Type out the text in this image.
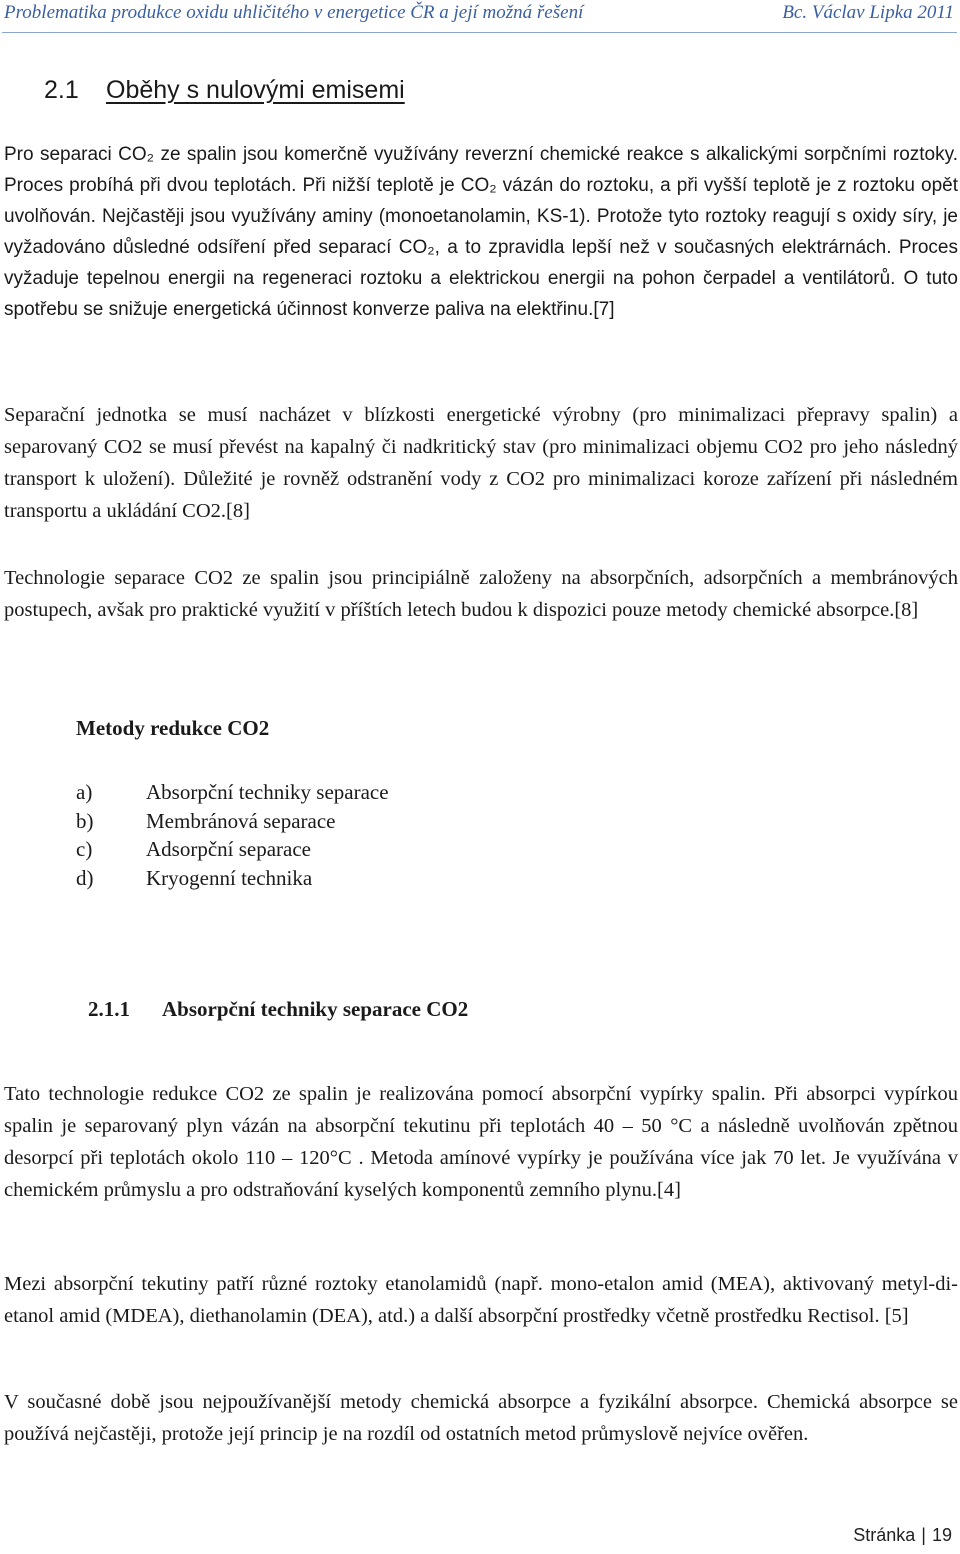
Problematika produkce oxidu uhličitého v energetice ČR a její možná řešení	Bc. Václav Lipka 2011
2.1 Oběhy s nulovými emisemi

Pro separaci CO₂ ze spalin jsou komerčně využívány reverzní chemické reakce s alkalickými sorpčními roztoky. Proces probíhá při dvou teplotách. Při nižší teplotě je CO₂ vázán do roztoku, a při vyšší teplotě je z roztoku opět uvolňován. Nejčastěji jsou využívány aminy (monoetanolamin, KS-1). Protože tyto roztoky reagují s oxidy síry, je vyžadováno důsledné odsíření před separací CO₂, a to zpravidla lepší než v současných elektrárnách. Proces vyžaduje tepelnou energii na regeneraci roztoku a elektrickou energii na pohon čerpadel a ventilátorů. O tuto spotřebu se snižuje energetická účinnost konverze paliva na elektřinu.[7]

Separační jednotka se musí nacházet v blízkosti energetické výrobny (pro minimalizaci přepravy spalin) a separovaný CO2 se musí převést na kapalný či nadkritický stav (pro minimalizaci objemu CO2 pro jeho následný transport k uložení). Důležité je rovněž odstranění vody z CO2 pro minimalizaci koroze zařízení při následném transportu a ukládání CO2.[8]

Technologie separace CO2 ze spalin jsou principiálně založeny na absorpčních, adsorpčních a membránových postupech, avšak pro praktické využití v příštích letech budou k dispozici pouze metody chemické absorpce.[8]

Metody redukce CO2
a)	Absorpční techniky separace
b)	Membránová separace
c)	Adsorpční separace
d)	Kryogenní technika
2.1.1 Absorpční techniky separace CO2

Tato technologie redukce CO2 ze spalin je realizována pomocí absorpční vypírky spalin. Při absorpci vypírkou spalin je separovaný plyn vázán na absorpční tekutinu při teplotách 40 – 50 °C a následně uvolňován zpětnou desorpcí při teplotách okolo 110 – 120°C . Metoda amínové vypírky je používána více jak 70 let. Je využívána v chemickém průmyslu a pro odstraňování kyselých komponentů zemního plynu.[4]

Mezi absorpční tekutiny patří různé roztoky etanolamidů (např. mono-etalon amid (MEA), aktivovaný metyl-di-etanol amid (MDEA), diethanolamin (DEA), atd.) a další absorpční prostředky včetně prostředku Rectisol. [5]

V současné době jsou nejpoužívanější metody chemická absorpce a fyzikální absorpce. Chemická absorpce se používá nejčastěji, protože její princip je na rozdíl od ostatních metod průmyslově nejvíce ověřen.

Stránka | 19
